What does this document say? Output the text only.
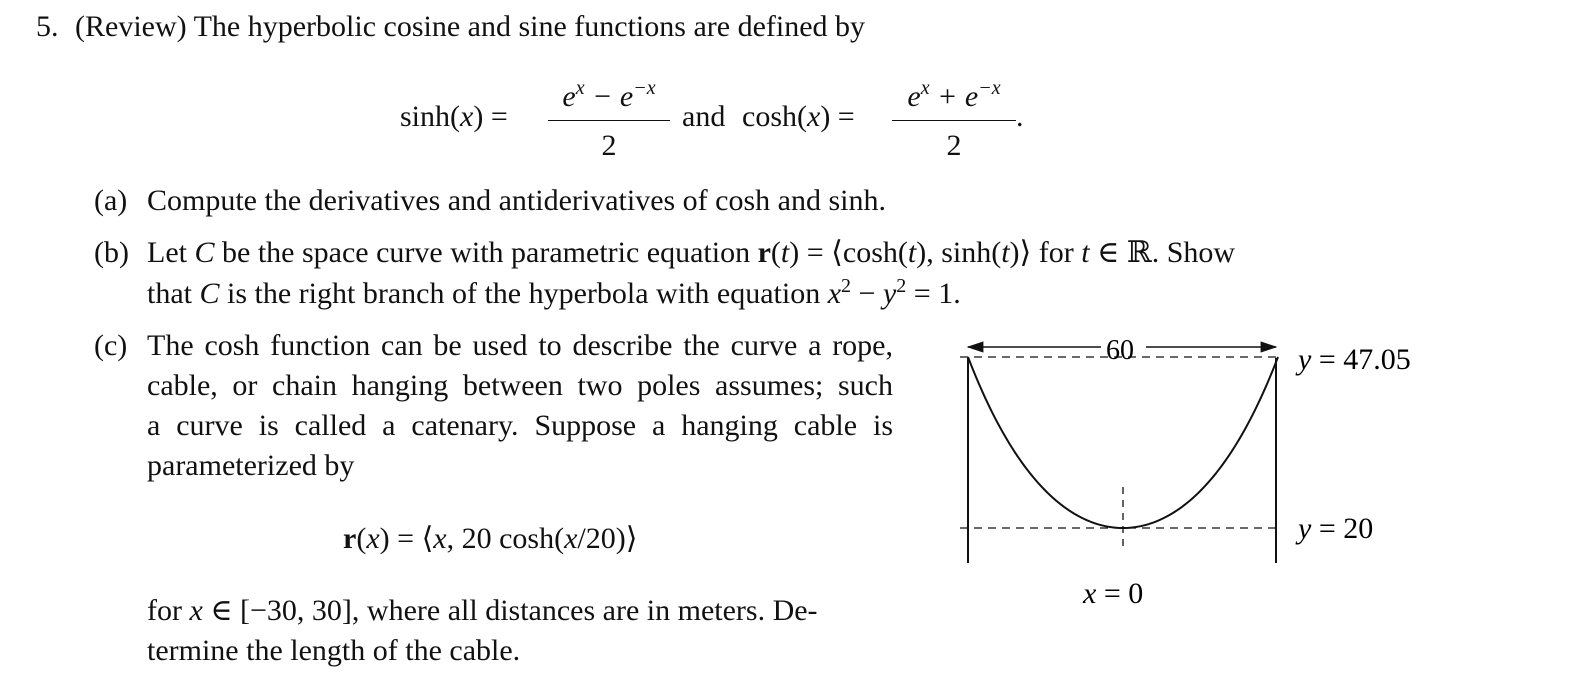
5. (Review) The hyperbolic cosine and sine functions are defined by
sinh(x) =
$e^x - e^{-x}$
2
and cosh(x) =
$e^x + e^{-x}$
2
.
(a) Compute the derivatives and antiderivatives of cosh and sinh.
(b) Let C be the space curve with parametric equation r(t) = ⟨cosh(t), sinh(t)⟩ for t ∈ ℝ. Show
that C is the right branch of the hyperbola with equation $x^2 - y^2 = 1$.
(c) The cosh function can be used to describe the curve a rope,
cable, or chain hanging between two poles assumes; such
a curve is called a catenary. Suppose a hanging cable is
parameterized by
r(x) = ⟨x, 20 cosh(x/20)⟩
for x ∈ [−30, 30], where all distances are in meters. De-
termine the length of the cable.
60	y = 47.05
y = 20
x = 0
